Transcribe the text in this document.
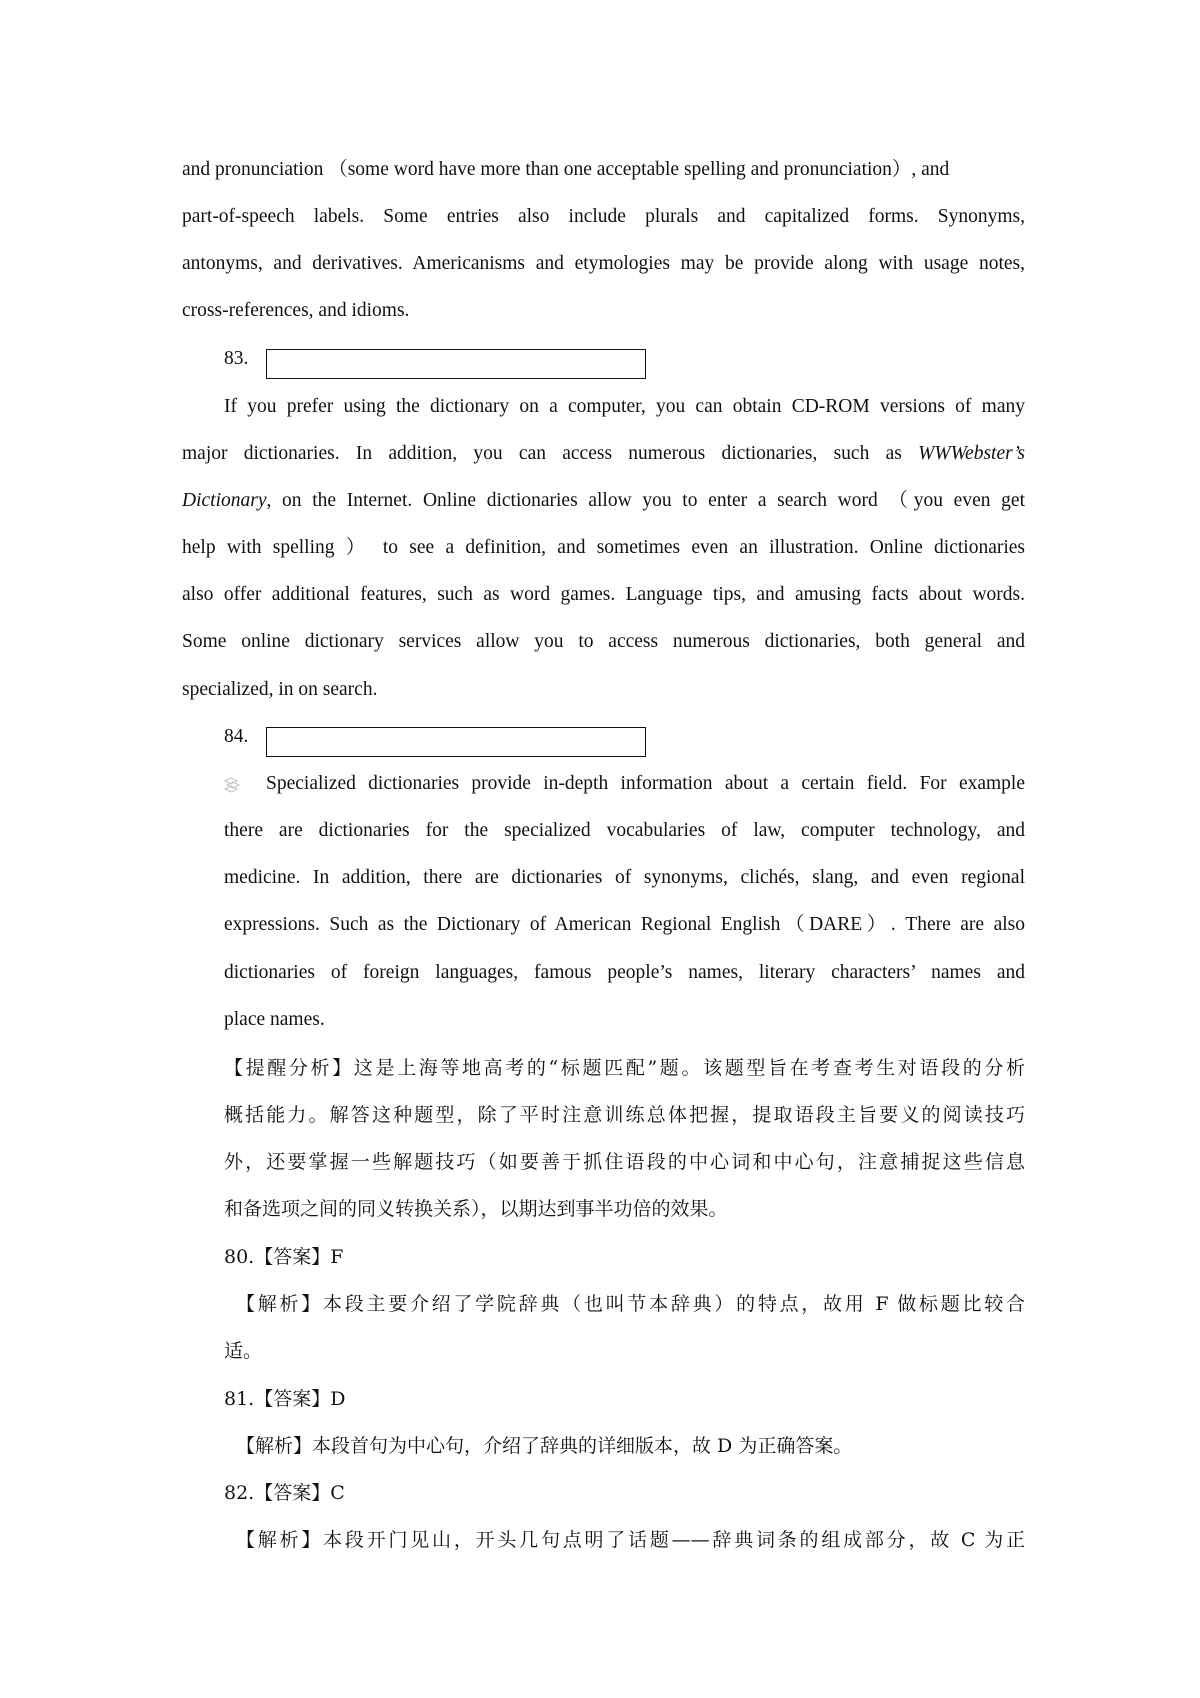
and pronunciation （some word have more than one acceptable spelling and pronunciation）, and
part-of-speech labels. Some entries also include plurals and capitalized forms. Synonyms,
antonyms, and derivatives. Americanisms and etymologies may be provide along with usage notes,
cross-references, and idioms.
83.
If you prefer using the dictionary on a computer, you can obtain CD-ROM versions of many
major dictionaries. In addition, you can access numerous dictionaries, such as WWWebster’s
Dictionary, on the Internet. Online dictionaries allow you to enter a search word （you even get
help with spelling ） to see a definition, and sometimes even an illustration. Online dictionaries
also offer additional features, such as word games. Language tips, and amusing facts about words.
Some online dictionary services allow you to access numerous dictionaries, both general and
specialized, in on search.
84.
Specialized dictionaries provide in-depth information about a certain field. For example
there are dictionaries for the specialized vocabularies of law, computer technology, and
medicine. In addition, there are dictionaries of synonyms, clichés, slang, and even regional
expressions. Such as the Dictionary of American Regional English（DARE）. There are also
dictionaries of foreign languages, famous people’s names, literary characters’ names and
place names.
【提醒分析】这是上海等地高考的“标题匹配”题。该题型旨在考查考生对语段的分析
概括能力。解答这种题型，除了平时注意训练总体把握，提取语段主旨要义的阅读技巧
外，还要掌握一些解题技巧（如要善于抓住语段的中心词和中心句，注意捕捉这些信息
和备选项之间的同义转换关系），以期达到事半功倍的效果。
80.【答案】F
【解析】本段主要介绍了学院辞典（也叫节本辞典）的特点，故用 F 做标题比较合
适。
81.【答案】D
【解析】本段首句为中心句，介绍了辞典的详细版本，故 D 为正确答案。
82.【答案】C
【解析】本段开门见山，开头几句点明了话题——辞典词条的组成部分，故 C 为正
